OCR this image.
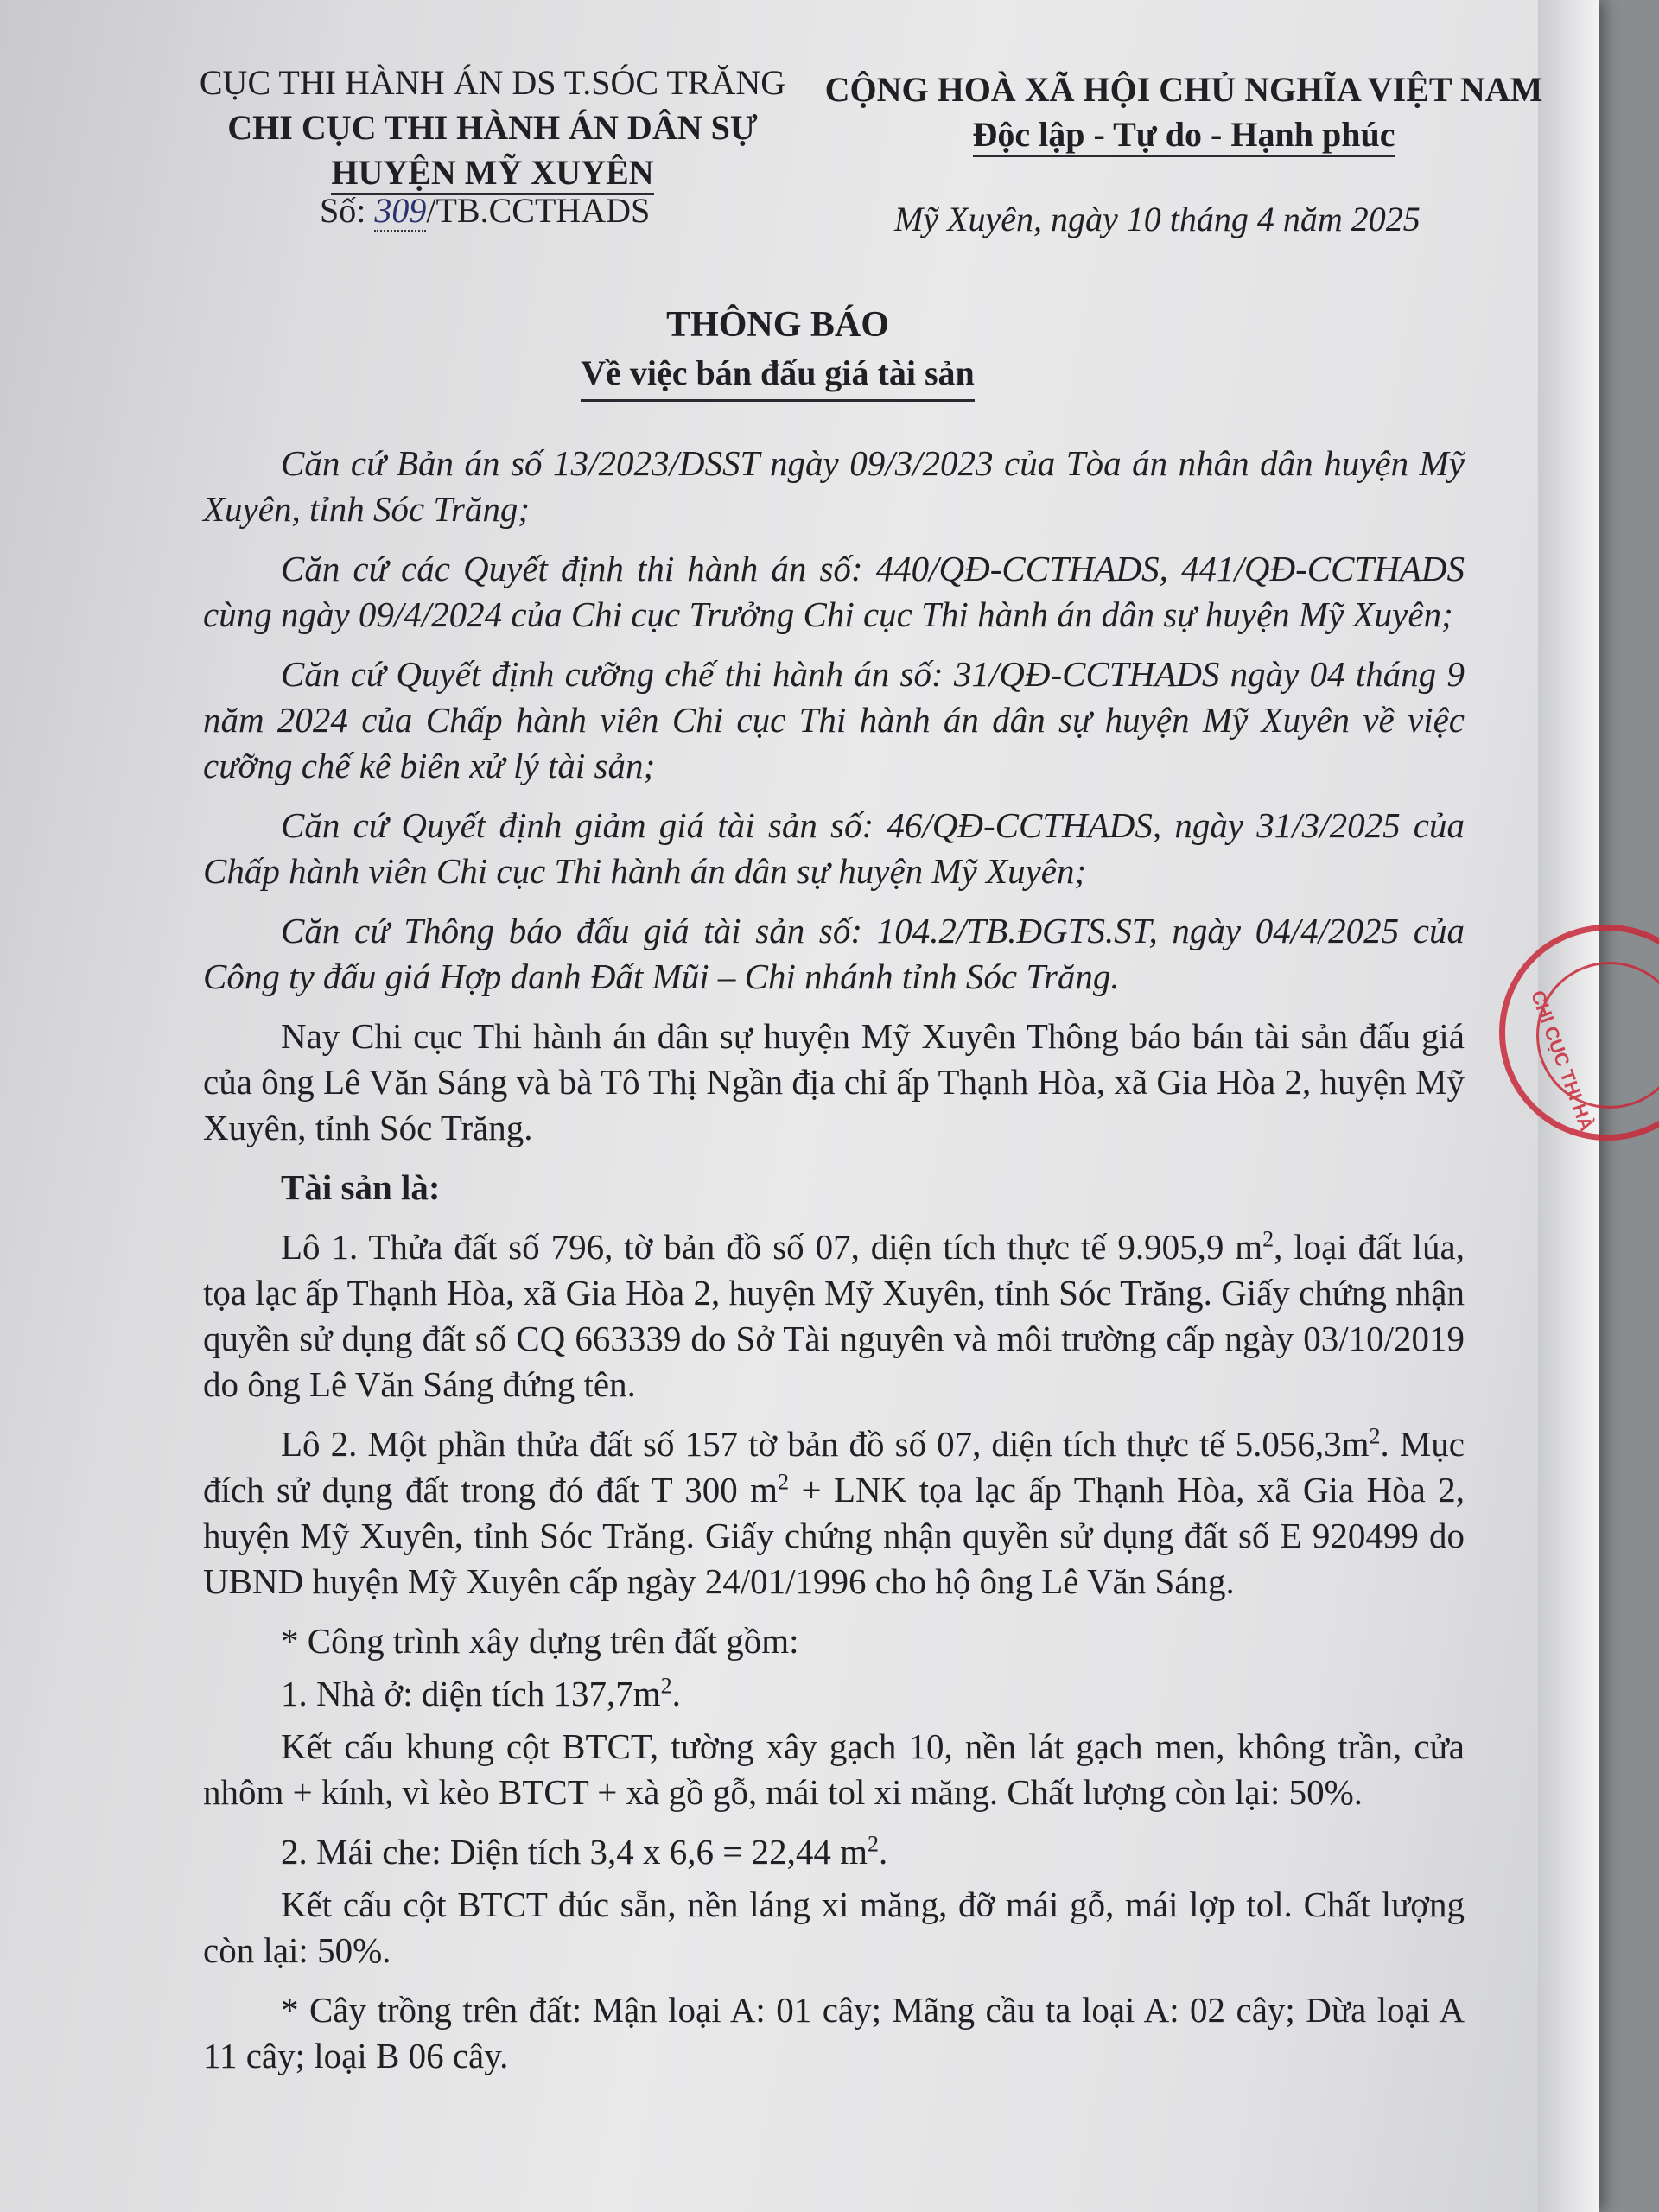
CỤC THI HÀNH ÁN DS T.SÓC TRĂNG
CHI CỤC THI HÀNH ÁN DÂN SỰ
HUYỆN MỸ XUYÊN
CỘNG HOÀ XÃ HỘI CHỦ NGHĨA VIỆT NAM
Độc lập - Tự do - Hạnh phúc
Số: 309/TB.CCTHADS	Mỹ Xuyên, ngày 10 tháng 4 năm 2025
THÔNG BÁO
Về việc bán đấu giá tài sản

Căn cứ Bản án số 13/2023/DSST ngày 09/3/2023 của Tòa án nhân dân huyện Mỹ Xuyên, tỉnh Sóc Trăng;

Căn cứ các Quyết định thi hành án số: 440/QĐ-CCTHADS, 441/QĐ-CCTHADS cùng ngày 09/4/2024 của Chi cục Trưởng Chi cục Thi hành án dân sự huyện Mỹ Xuyên;

Căn cứ Quyết định cưỡng chế thi hành án số: 31/QĐ-CCTHADS ngày 04 tháng 9 năm 2024 của Chấp hành viên Chi cục Thi hành án dân sự huyện Mỹ Xuyên về việc cưỡng chế kê biên xử lý tài sản;

Căn cứ Quyết định giảm giá tài sản số: 46/QĐ-CCTHADS, ngày 31/3/2025 của Chấp hành viên Chi cục Thi hành án dân sự huyện Mỹ Xuyên;

Căn cứ Thông báo đấu giá tài sản số: 104.2/TB.ĐGTS.ST, ngày 04/4/2025 của Công ty đấu giá Hợp danh Đất Mũi – Chi nhánh tỉnh Sóc Trăng.

Nay Chi cục Thi hành án dân sự huyện Mỹ Xuyên Thông báo bán tài sản đấu giá của ông Lê Văn Sáng và bà Tô Thị Ngần địa chỉ ấp Thạnh Hòa, xã Gia Hòa 2, huyện Mỹ Xuyên, tỉnh Sóc Trăng.

Tài sản là:

Lô 1. Thửa đất số 796, tờ bản đồ số 07, diện tích thực tế 9.905,9 $m^2$, loại đất lúa, tọa lạc ấp Thạnh Hòa, xã Gia Hòa 2, huyện Mỹ Xuyên, tỉnh Sóc Trăng. Giấy chứng nhận quyền sử dụng đất số CQ 663339 do Sở Tài nguyên và môi trường cấp ngày 03/10/2019 do ông Lê Văn Sáng đứng tên.

Lô 2. Một phần thửa đất số 157 tờ bản đồ số 07, diện tích thực tế $5.056,3m^2$. Mục đích sử dụng đất trong đó đất T 300 $m^2$ + LNK tọa lạc ấp Thạnh Hòa, xã Gia Hòa 2, huyện Mỹ Xuyên, tỉnh Sóc Trăng. Giấy chứng nhận quyền sử dụng đất số E 920499 do UBND huyện Mỹ Xuyên cấp ngày 24/01/1996 cho hộ ông Lê Văn Sáng.

* Công trình xây dựng trên đất gồm:

1. Nhà ở: diện tích $137,7m^2$.

Kết cấu khung cột BTCT, tường xây gạch 10, nền lát gạch men, không trần, cửa nhôm + kính, vì kèo BTCT + xà gồ gỗ, mái tol xi măng. Chất lượng còn lại: 50%.

2. Mái che: Diện tích 3,4 x 6,6 = 22,44 $m^2$.

Kết cấu cột BTCT đúc sẵn, nền láng xi măng, đỡ mái gỗ, mái lợp tol. Chất lượng còn lại: 50%.

* Cây trồng trên đất: Mận loại A: 01 cây; Mãng cầu ta loại A: 02 cây; Dừa loại A 11 cây; loại B 06 cây.

CHI CỤC THI HÀ
